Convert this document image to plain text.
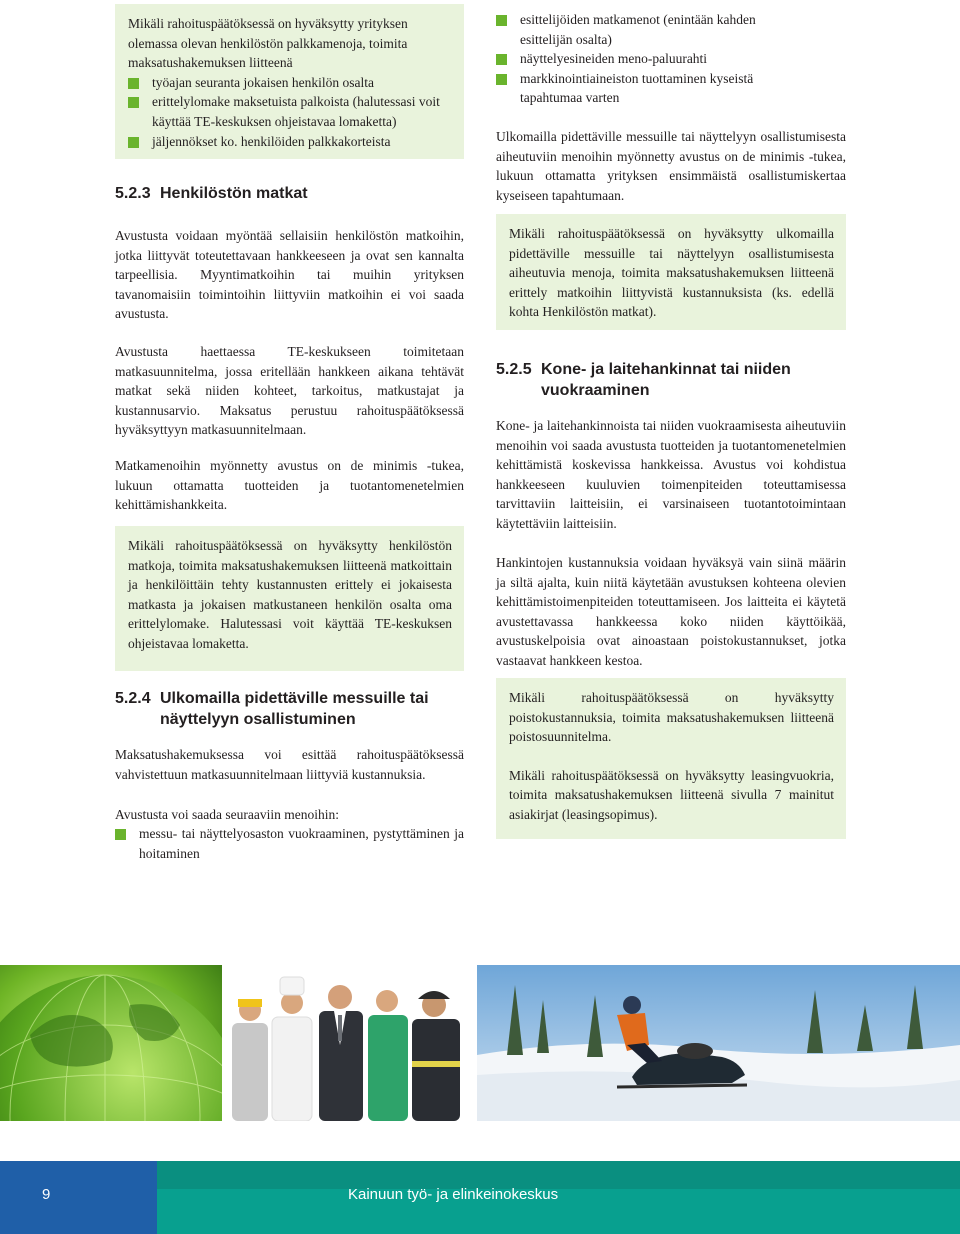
Mikäli rahoituspäätöksessä on hyväksytty yrityksen olemassa olevan henkilöstön palkkamenoja, toimita maksatushakemuksen liitteenä
työajan seuranta jokaisen henkilön osalta
erittelylomake maksetuista palkoista (halutessasi voit käyttää TE-keskuksen ohjeistavaa lomaketta)
jäljennökset ko. henkilöiden palkkakorteista
5.2.3 Henkilöstön matkat

Avustusta voidaan myöntää sellaisiin henkilöstön matkoihin, jotka liittyvät toteutettavaan hankkeeseen ja ovat sen kannalta tarpeellisia. Myyntimatkoihin tai muihin yrityksen tavanomaisiin toimintoihin liittyviin matkoihin ei voi saada avustusta.

Avustusta haettaessa TE-keskukseen toimitetaan matkasuunnitelma, jossa eritellään hankkeen aikana tehtävät matkat sekä niiden kohteet, tarkoitus, matkustajat ja kustannusarvio. Maksatus perustuu rahoituspäätöksessä hyväksyttyyn matkasuunnitelmaan.

Matkamenoihin myönnetty avustus on de minimis -tukea, lukuun ottamatta tuotteiden ja tuotantomenetelmien kehittämishankkeita.

Mikäli rahoituspäätöksessä on hyväksytty henkilöstön matkoja, toimita maksatushakemuksen liitteenä matkoittain ja henkilöittäin tehty kustannusten erittely ei jokaisesta matkasta ja jokaisen matkustaneen henkilön osalta oma erittelylomake. Halutessasi voit käyttää TE-keskuksen ohjeistavaa lomaketta.
5.2.4 Ulkomailla pidettäville messuille tai näyttelyyn osallistuminen

Maksatushakemuksessa voi esittää rahoituspäätöksessä vahvistettuun matkasuunnitelmaan liittyviä kustannuksia.

Avustusta voi saada seuraaviin menoihin:

messu- tai näyttelyosaston vuokraaminen, pystyttäminen ja hoitaminen
esittelijöiden matkamenot (enintään kahden esittelijän osalta)
näyttelyesineiden meno-paluurahti
markkinointiaineiston tuottaminen kyseistä tapahtumaa varten

Ulkomailla pidettäville messuille tai näyttelyyn osallistumisesta aiheutuviin menoihin myönnetty avustus on de minimis -tukea, lukuun ottamatta yrityksen ensimmäistä osallistumiskertaa kyseiseen tapahtumaan.

Mikäli rahoituspäätöksessä on hyväksytty ulkomailla pidettäville messuille tai näyttelyyn osallistumisesta aiheutuvia menoja, toimita maksatushakemuksen liitteenä erittely matkoihin liittyvistä kustannuksista (ks. edellä kohta Henkilöstön matkat).
5.2.5 Kone- ja laitehankinnat tai niiden vuokraaminen

Kone- ja laitehankinnoista tai niiden vuokraamisesta aiheutuviin menoihin voi saada avustusta tuotteiden ja tuotantomenetelmien kehittämistä koskevissa hankkeissa. Avustus voi kohdistua hankkeeseen kuuluvien toimenpiteiden toteuttamisessa tarvittaviin laitteisiin, ei varsinaiseen tuotantotoimintaan käytettäviin laitteisiin.

Hankintojen kustannuksia voidaan hyväksyä vain siinä määrin ja siltä ajalta, kuin niitä käytetään avustuksen kohteena olevien kehittämistoimenpiteiden toteuttamiseen. Jos laitteita ei käytetä avustettavassa hankkeessa koko niiden käyttöikää, avustuskelpoisia ovat ainoastaan poistokustannukset, jotka vastaavat hankkeen kestoa.

Mikäli rahoituspäätöksessä on hyväksytty poistokustannuksia, toimita maksatushakemuksen liitteenä poistosuunnitelma.
Mikäli rahoituspäätöksessä on hyväksytty leasingvuokria, toimita maksatushakemuksen liitteenä sivulla 7 mainitut asiakirjat (leasingsopimus).
9	Kainuun työ- ja elinkeinokeskus
